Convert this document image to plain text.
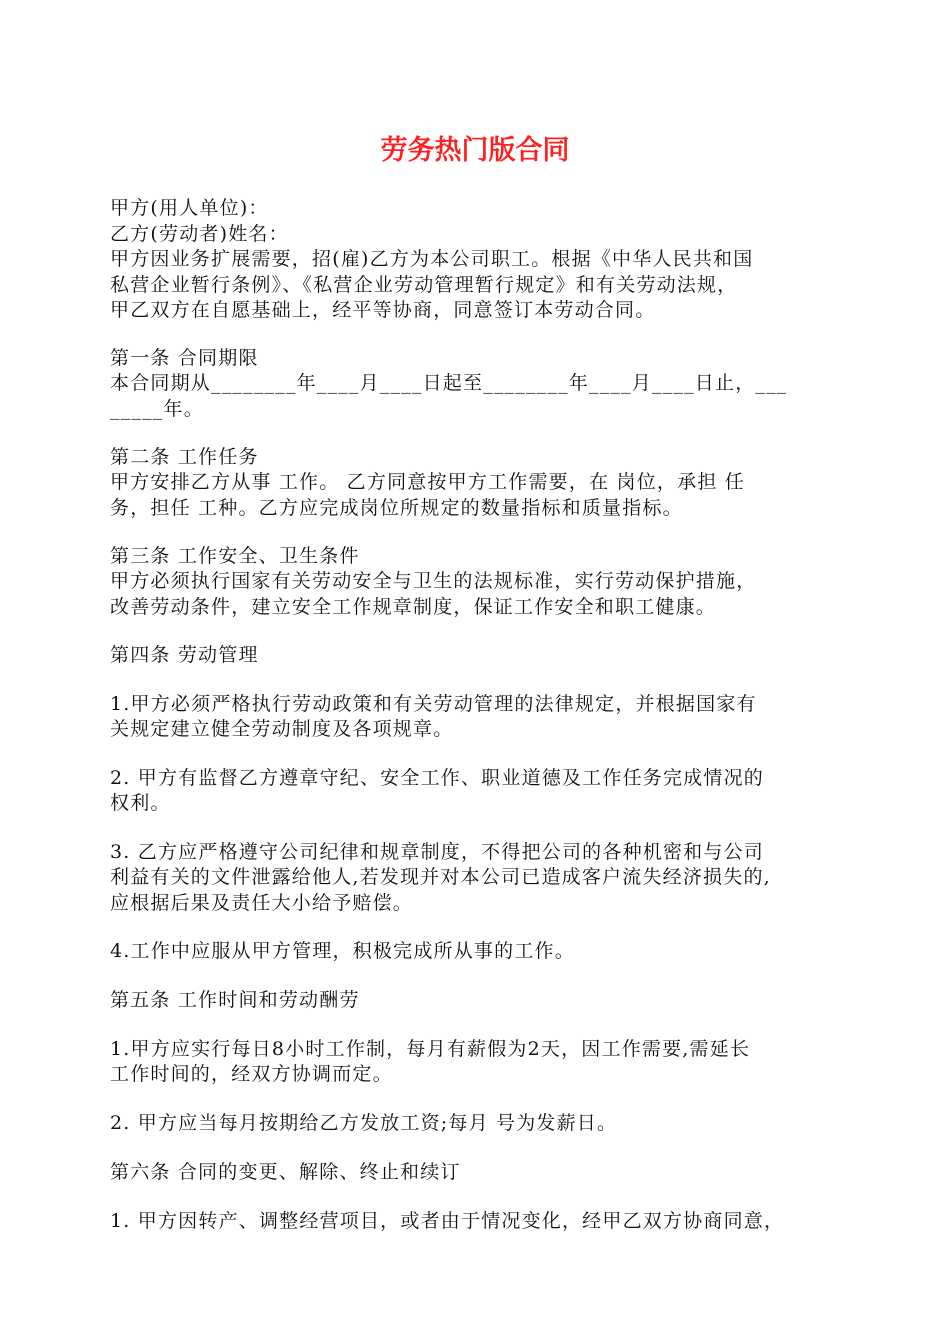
劳务热门版合同
甲方(用人单位)：
乙方(劳动者)姓名：
甲方因业务扩展需要，招(雇)乙方为本公司职工。根据《中华人民共和国
私营企业暂行条例》、《私营企业劳动管理暂行规定》和有关劳动法规，
甲乙双方在自愿基础上，经平等协商，同意签订本劳动合同。
第一条 合同期限
本合同期从________年____月____日起至________年____月____日止，___
_____年。
第二条 工作任务
甲方安排乙方从事 工作。 乙方同意按甲方工作需要，在 岗位，承担 任
务，担任 工种。乙方应完成岗位所规定的数量指标和质量指标。
第三条 工作安全、卫生条件
甲方必须执行国家有关劳动安全与卫生的法规标准，实行劳动保护措施，
改善劳动条件，建立安全工作规章制度，保证工作安全和职工健康。
第四条 劳动管理
1.甲方必须严格执行劳动政策和有关劳动管理的法律规定，并根据国家有
关规定建立健全劳动制度及各项规章。
2. 甲方有监督乙方遵章守纪、安全工作、职业道德及工作任务完成情况的
权利。
3. 乙方应严格遵守公司纪律和规章制度，不得把公司的各种机密和与公司
利益有关的文件泄露给他人,若发现并对本公司已造成客户流失经济损失的,
应根据后果及责任大小给予赔偿。
4.工作中应服从甲方管理，积极完成所从事的工作。
第五条 工作时间和劳动酬劳
1.甲方应实行每日8小时工作制，每月有薪假为2天，因工作需要,需延长
工作时间的，经双方协调而定。
2. 甲方应当每月按期给乙方发放工资;每月 号为发薪日。
第六条 合同的变更、解除、终止和续订
1. 甲方因转产、调整经营项目，或者由于情况变化，经甲乙双方协商同意，
